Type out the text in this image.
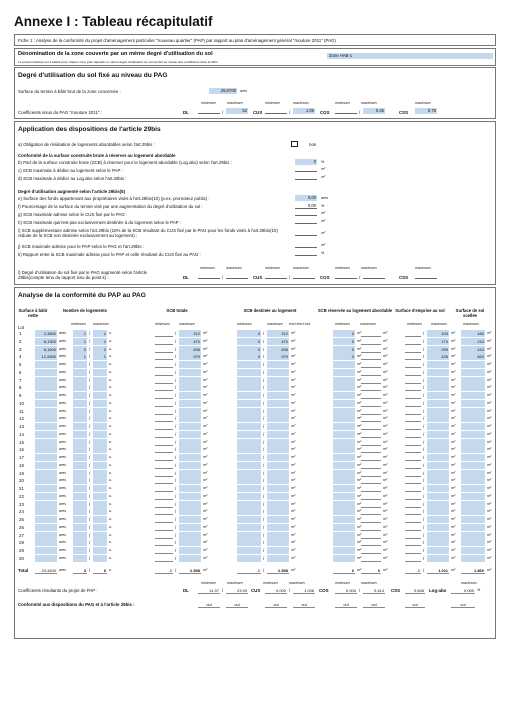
Annexe I : Tableau récapitulatif
Fiche 1 : Analyse de la conformité du projet d'aménagement particulier "nouveau quartier" (PAP) par rapport au plan d'aménagement général "mouture 2011" (PAG)
Dénomination de la zone couverte par un même degré d'utilisation du sol
Le présent tableau est à établir pour chaque zone pour laquelle un même degré d'utilisation du sol est fixé au niveau des coefficients dans le PAG
Zone HAB-1
Degré d'utilisation du sol fixé au niveau du PAG
Surface du terrain à bâtir brut de la zone concernée :	25,0700 ares
minimum	maximum	minimum	maximum	minimum	maximum	maximum
Coefficients issus du PAG "mouture 2011" :	DL	/	52 CUS	/	1,05 COS	/	0,45	CSS	0,75
Application des dispositions de l'article 29bis
a) Obligation de réalisation de logements abordables selon l'art.29bis :	non
Conformité de la surface construite brute à réserver au logement abordable
b) Part de la surface construite brute (SCB) à réserver pour le logement abordable (Log.abo) selon l'art.29bis :	0 %
c) SCB maximale à dédier au logement selon le PAP :	m²
d) SCB maximale à dédier au Log.abo selon l'art.29bis :	m²
Degré d'utilisation augmenté selon l'article 29bis(5)
e) Surface des fonds appartenant aux propriétaires visés à l'art.29bis(10) (p.ex. promoteur public) :	0,00 ares
f) Pourcentage de la surface du terrain visé par une augmentation du degré d'utilisation du sol :	0,00 %
g) SCB maximale admise selon le CUS fixé par le PAG :	m²
h) SCB maximale quin'est pas exclusivement destinée à du logement selon le PAP :	m²
i) SCB supplémentaire admise selon l'art.29bis (10% de la SCB résultant du CUS fixé par le PAG pour les fonds visés à l'art.29bis(10) réduite de la SCB non destinée exclusivement au logement) :
m²
j) SCB maximale admise pour le PAP selon le PAG et l'art.29bis :	m²
k) Rapport entre la SCB maximale admise pour le PAP et celle résultant du CUS fixé au PAG :	%
minimum	maximum	minimum	maximum	minimum	maximum	maximum
l) Degré d'utilisation du sol fixé par le PAG augmenté selon l'article 29bis(compte tenu du rapport issu du point k) :	DL	/	CUS	/	COS	/	CSS
Analyse de la conformité du PAP au PAG
Surface à bâtir nette
Nombre de logements	SCB totale	SCB destinée au logement	SCB réservée au logement abordable Surface d'emprise au sol	Surface de sol scellée
Lot
minimum maximum	minimum	maximum	minimum	maximum excl./excl.incl.	minimum	maximum	minimum	maximum	maximum
1	2,3800 ares	1 /	1 u.	/	212 m²	0 /	212 m²	0 m²	m²	/	103 m²	160 m²
2	8,1300 ares	1 /	1 u.	/	470 m²	0 /	470 m²	0 m²	m²	/	174 m²	210 m²
3	6,1600 ares	0 /	2 u.	/	836 m²	0 /	836 m²	0 m²	m²	/	299 m²	410 m²
4	12,2500 ares	1 /	1 u.	/	979 m²	0 /	979 m²	0 m²	m²	/	435 m²	820 m²
5	ares	/	u.	/	m²	/	m²	m²	m²	/	m²	m²
6	ares	/	u.	/	m²	/	m²	m²	m²	/	m²	m²
7	ares	/	u.	/	m²	/	m²	m²	m²	/	m²	m²
8	ares	/	u.	/	m²	/	m²	m²	m²	/	m²	m²
9	ares	/	u.	/	m²	/	m²	m²	m²	/	m²	m²
10	ares	/	u.	/	m²	/	m²	m²	m²	/	m²	m²
11	ares	/	u.	/	m²	/	m²	m²	m²	/	m²	m²
12	ares	/	u.	/	m²	/	m²	m²	m²	/	m²	m²
13	ares	/	u.	/	m²	/	m²	m²	m²	/	m²	m²
14	ares	/	u.	/	m²	/	m²	m²	m²	/	m²	m²
15	ares	/	u.	/	m²	/	m²	m²	m²	/	m²	m²
16	ares	/	u.	/	m²	/	m²	m²	m²	/	m²	m²
17	ares	/	u.	/	m²	/	m²	m²	m²	/	m²	m²
18	ares	/	u.	/	m²	/	m²	m²	m²	/	m²	m²
19	ares	/	u.	/	m²	/	m²	m²	m²	/	m²	m²
20	ares	/	u.	/	m²	/	m²	m²	m²	/	m²	m²
21	ares	/	u.	/	m²	/	m²	m²	m²	/	m²	m²
22	ares	/	u.	/	m²	/	m²	m²	m²	/	m²	m²
23	ares	/	u.	/	m²	/	m²	m²	m²	/	m²	m²
24	ares	/	u.	/	m²	/	m²	m²	m²	/	m²	m²
25	ares	/	u.	/	m²	/	m²	m²	m²	/	m²	m²
26	ares	/	u.	/	m²	/	m²	m²	m²	/	m²	m²
27	ares	/	u.	/	m²	/	m²	m²	m²	/	m²	m²
28	ares	/	u.	/	m²	/	m²	m²	m²	/	m²	m²
29	ares	/	u.	/	m²	/	m²	m²	m²	/	m²	m²
30	ares	/	u.	/	m²	/	m²	m²	m²	/	m²	m²
Total	24,4400 ares	3 /	6 u.	0 /	2.598 m²	0 /	2.598 m²	0 m²	0 m²	0 /	1.011 m²	1.860 m²
minimum	maximum	minimum	maximum	minimum	maximum	maximum
Coefficients résultants du projet de PAP :	DL	11,97 /	23,93 CUS	0,000 /	1,036 COS	0,000 /	0,414 CSS	0,646 Log-abo	0,000 %
Conformité aux dispositions du PAG et à l'article 29bis :	oui	oui	oui	oui	oui	oui	oui	oui
